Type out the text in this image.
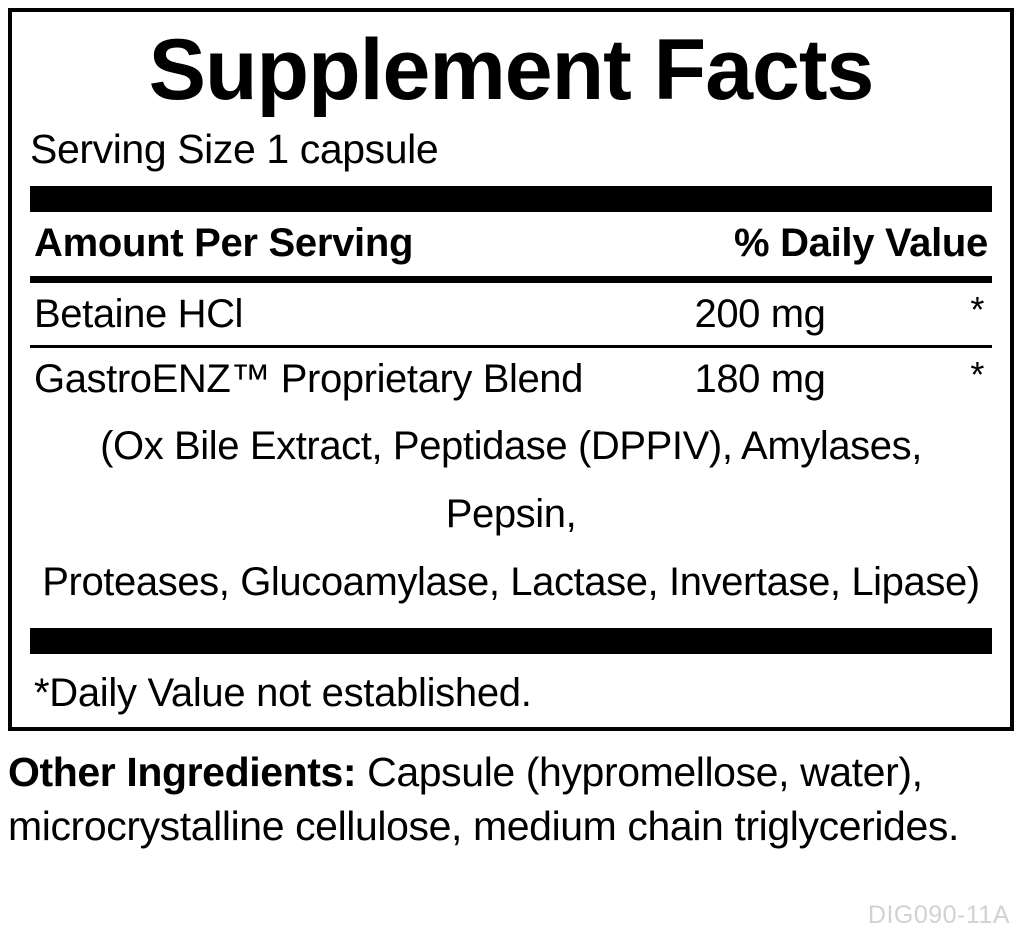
Supplement Facts
Serving Size 1 capsule
Amount Per Serving	% Daily Value
Betaine HCl	200 mg	*
GastroENZ™ Proprietary Blend	180 mg	*
(Ox Bile Extract, Peptidase (DPPIV), Amylases, Pepsin,
Proteases, Glucoamylase, Lactase, Invertase, Lipase)
*Daily Value not established.
Other Ingredients: Capsule (hypromellose, water),
microcrystalline cellulose, medium chain triglycerides.
DIG090-11A
